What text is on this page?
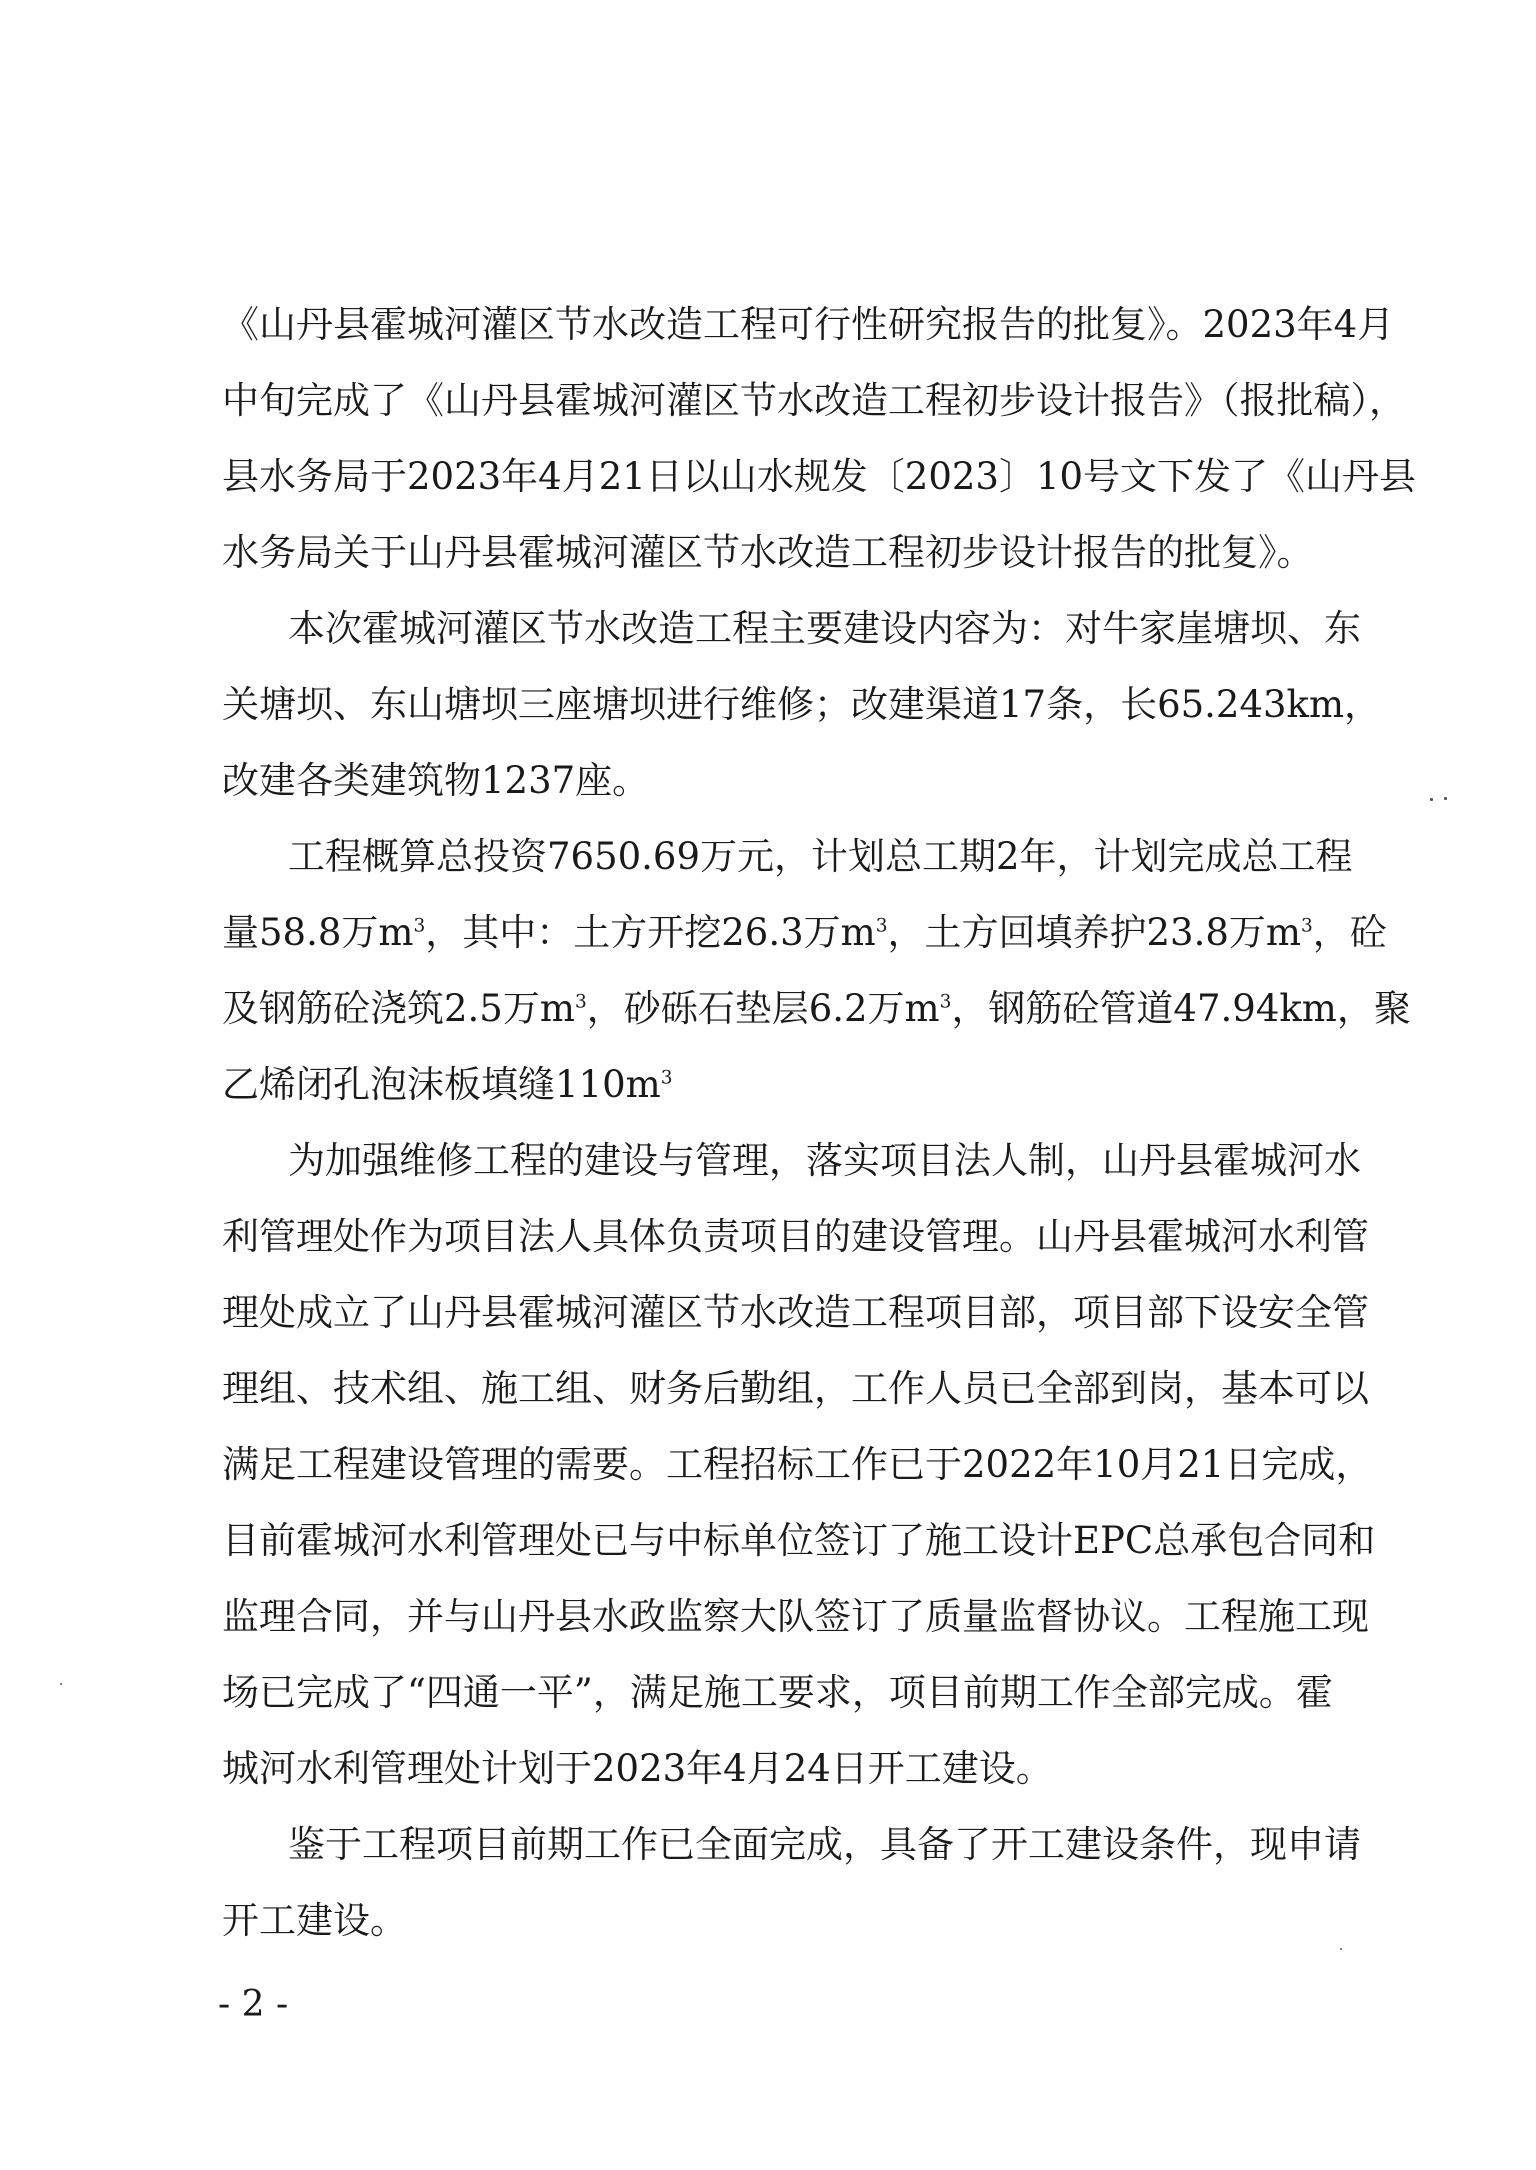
《山丹县霍城河灌区节水改造工程可行性研究报告的批复》。2023年4月
中旬完成了《山丹县霍城河灌区节水改造工程初步设计报告》（报批稿），
县水务局于2023年4月21日以山水规发〔2023〕10号文下发了《山丹县
水务局关于山丹县霍城河灌区节水改造工程初步设计报告的批复》。
本次霍城河灌区节水改造工程主要建设内容为：对牛家崖塘坝、东
关塘坝、东山塘坝三座塘坝进行维修；改建渠道17条，长65.243km，
改建各类建筑物1237座。
工程概算总投资7650.69万元，计划总工期2年，计划完成总工程
量58.8万$m^3$，其中：土方开挖26.3万$m^3$，土方回填养护23.8万$m^3$，砼
及钢筋砼浇筑2.5万$m^3$，砂砾石垫层6.2万$m^3$，钢筋砼管道47.94km，聚
乙烯闭孔泡沫板填缝$110m^3$
为加强维修工程的建设与管理，落实项目法人制，山丹县霍城河水
利管理处作为项目法人具体负责项目的建设管理。山丹县霍城河水利管
理处成立了山丹县霍城河灌区节水改造工程项目部，项目部下设安全管
理组、技术组、施工组、财务后勤组，工作人员已全部到岗，基本可以
满足工程建设管理的需要。工程招标工作已于2022年10月21日完成，
目前霍城河水利管理处已与中标单位签订了施工设计EPC总承包合同和
监理合同，并与山丹县水政监察大队签订了质量监督协议。工程施工现
场已完成了“四通一平”，满足施工要求，项目前期工作全部完成。霍
城河水利管理处计划于2023年4月24日开工建设。
鉴于工程项目前期工作已全面完成，具备了开工建设条件，现申请
开工建设。
- 2 -
